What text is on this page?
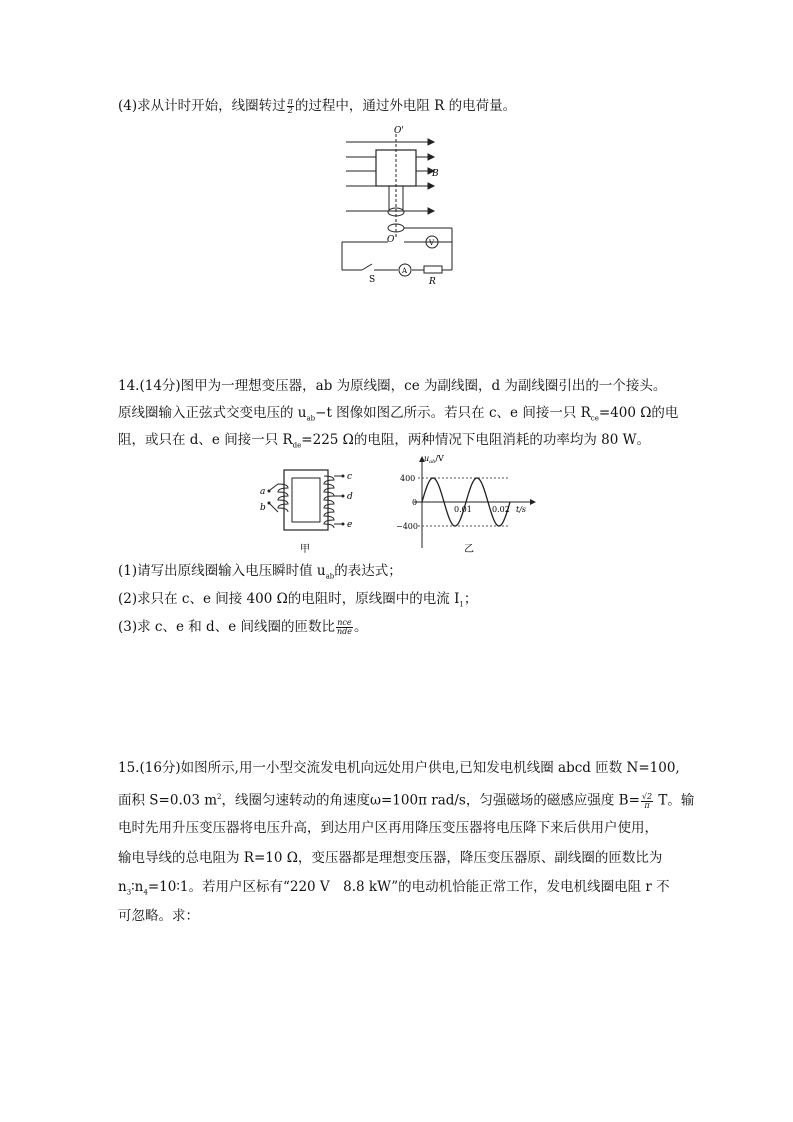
(4)求从计时开始，线圈转过 $\frac{\pi}{2}$ 的过程中，通过外电阻 R 的电荷量。
O'
B
O
A
V
S	R
14.(14分)图甲为一理想变压器，ab 为原线圈，ce 为副线圈，d 为副线圈引出的一个接头。
原线圈输入正弦式交变电压的 $u_{ab}-t$ 图像如图乙所示。若只在 c、e 间接一只 $R_{ce}=400$ Ω的电
阻，或只在 d、e 间接一只 $R_{de}=225$ Ω的电阻，两种情况下电阻消耗的功率均为 80 W。
a
b
c
d
e
甲
$u_{ab}/V$
400
0
−400
0.01	0.02 t/s
乙
(1)请写出原线圈输入电压瞬时值 $u_{ab}$的表达式；
(2)求只在 c、e 间接 400 Ω的电阻时，原线圈中的电流 $I_1$；
(3)求 c、e 和 d、e 间线圈的匝数比 $\frac{\text{nce}}{\text{nde}}$ 。
15.(16分)如图所示,用一小型交流发电机向远处用户供电,已知发电机线圈 abcd 匝数 N=100,
面积 S=0.03 $m^2$，线圈匀速转动的角速度ω=100π rad/s，匀强磁场的磁感应强度 $B= \frac{√2}{\pi}$ T。输
电时先用升压变压器将电压升高，到达用户区再用降压变压器将电压降下来后供用户使用，
输电导线的总电阻为 R=10 Ω，变压器都是理想变压器，降压变压器原、副线圈的匝数比为
$n_3∶n_4=10∶1$。若用户区标有“220 V　8.8 kW”的电动机恰能正常工作，发电机线圈电阻 r 不
可忽略。求：
